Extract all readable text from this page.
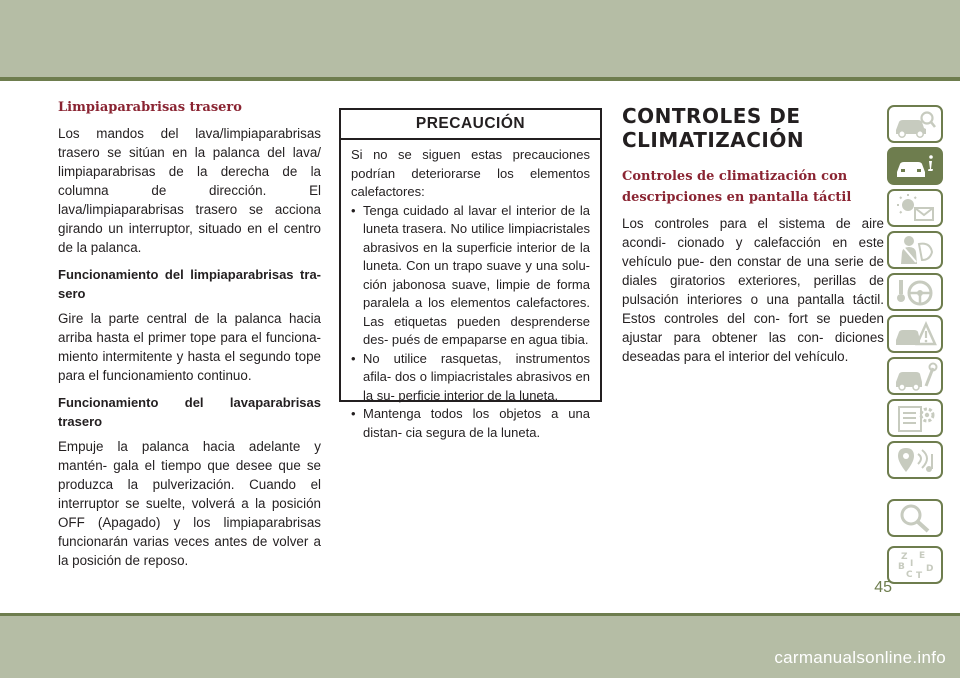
Limpiaparabrisas trasero

Los mandos del lava/limpiaparabrisas trasero se sitúan en la palanca del lava/ limpiaparabrisas de la derecha de la columna de dirección. El lava/limpiaparabrisas trasero se acciona girando un interruptor, situado en el centro de la palanca.

Funcionamiento del limpiaparabrisas tra- sero

Gire la parte central de la palanca hacia arriba hasta el primer tope para el funciona- miento intermitente y hasta el segundo tope para el funcionamiento continuo.

Funcionamiento del lavaparabrisas trasero

Empuje la palanca hacia adelante y mantén- gala el tiempo que desee que se produzca la pulverización. Cuando el interruptor se suelte, volverá a la posición OFF (Apagado) y los limpiaparabrisas funcionarán varias veces antes de volver a la posición de reposo.

PRECAUCIÓN

Si no se siguen estas precauciones podrían deteriorarse los elementos calefactores:

• Tenga cuidado al lavar el interior de la luneta trasera. No utilice limpiacristales abrasivos en la superficie interior de la luneta. Con un trapo suave y una solu- ción jabonosa suave, limpie de forma paralela a los elementos calefactores. Las etiquetas pueden desprenderse des- pués de empaparse en agua tibia.
• No utilice rasquetas, instrumentos afila- dos o limpiacristales abrasivos en la su- perficie interior de la luneta.
• Mantenga todos los objetos a una distan- cia segura de la luneta.
CONTROLES DE
CLIMATIZACIÓN
Controles de climatización con
descripciones en pantalla táctil

Los controles para el sistema de aire acondi- cionado y calefacción en este vehículo pue- den constar de una serie de diales giratorios exteriores, perillas de pulsación interiores o una pantalla táctil. Estos controles del con- fort se pueden ajustar para obtener las con- diciones deseadas para el interior del vehículo.

Z E
B I D
C T
45
carmanualsonline.info
